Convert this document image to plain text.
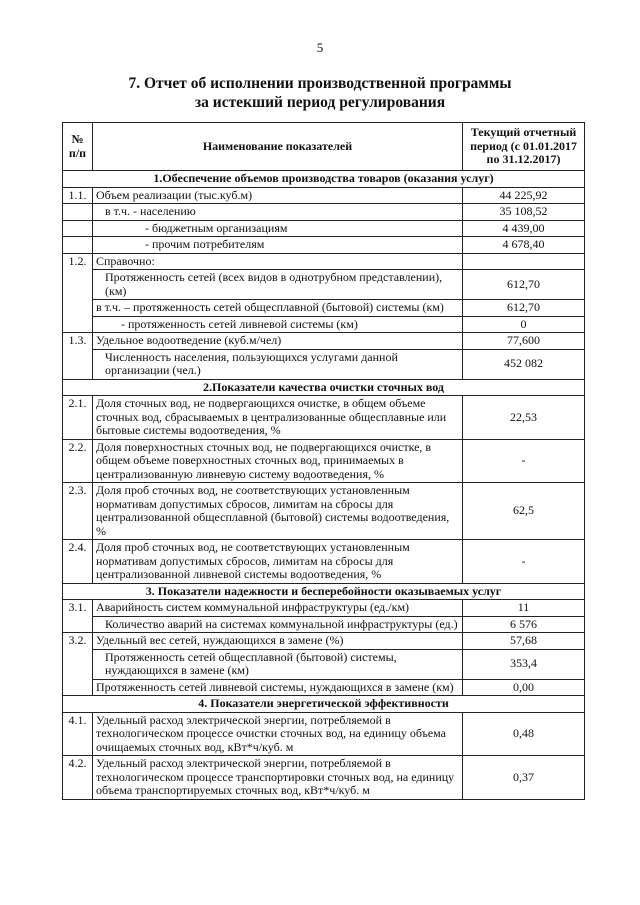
5
7. Отчет об исполнении производственной программы
за истекший период регулирования
№ п/п	Наименование показателей	Текущий отчетный период (с 01.01.2017 по 31.12.2017)
1.Обеспечение объемов производства товаров (оказания услуг)		
1.1.	Объем реализации (тыс.куб.м)	44 225,92
	в т.ч. - населению	35 108,52
	- бюджетным организациям	4 439,00
	- прочим потребителям	4 678,40
1.2.	Справочно:	
	Протяженность сетей (всех видов в однотрубном представлении), (км)	612,70
	в т.ч. – протяженность сетей общесплавной (бытовой) системы (км)	612,70
	- протяженность сетей ливневой системы (км)	0
1.3.	Удельное водоотведение (куб.м/чел)	77,600
	Численность населения, пользующихся услугами данной организации (чел.)	452 082
2.Показатели качества очистки сточных вод		
2.1.	Доля сточных вод, не подвергающихся очистке, в общем объеме сточных вод, сбрасываемых в централизованные общесплавные или бытовые системы водоотведения, %	22,53
2.2.	Доля поверхностных сточных вод, не подвергающихся очистке, в общем объеме поверхностных сточных вод, принимаемых в централизованную ливневую систему водоотведения, %	-
2.3.	Доля проб сточных вод, не соответствующих установленным нормативам допустимых сбросов, лимитам на сбросы для централизованной общесплавной (бытовой) системы водоотведения, %	62,5
2.4.	Доля проб сточных вод, не соответствующих установленным нормативам допустимых сбросов, лимитам на сбросы для централизованной ливневой системы водоотведения, %	-
3. Показатели надежности и бесперебойности оказываемых услуг		
3.1.	Аварийность систем коммунальной инфраструктуры (ед./км)	11
	Количество аварий на системах коммунальной инфраструктуры (ед.)	6 576
3.2.	Удельный вес сетей, нуждающихся в замене (%)	57,68
	Протяженность сетей общесплавной (бытовой) системы, нуждающихся в замене (км)	353,4
	Протяженность сетей ливневой системы, нуждающихся в замене (км)	0,00
4. Показатели энергетической эффективности		
4.1.	Удельный расход электрической энергии, потребляемой в технологическом процессе очистки сточных вод, на единицу объема очищаемых сточных вод, кВт*ч/куб. м	0,48
4.2.	Удельный расход электрической энергии, потребляемой в технологическом процессе транспортировки сточных вод, на единицу объема транспортируемых сточных вод, кВт*ч/куб. м	0,37
